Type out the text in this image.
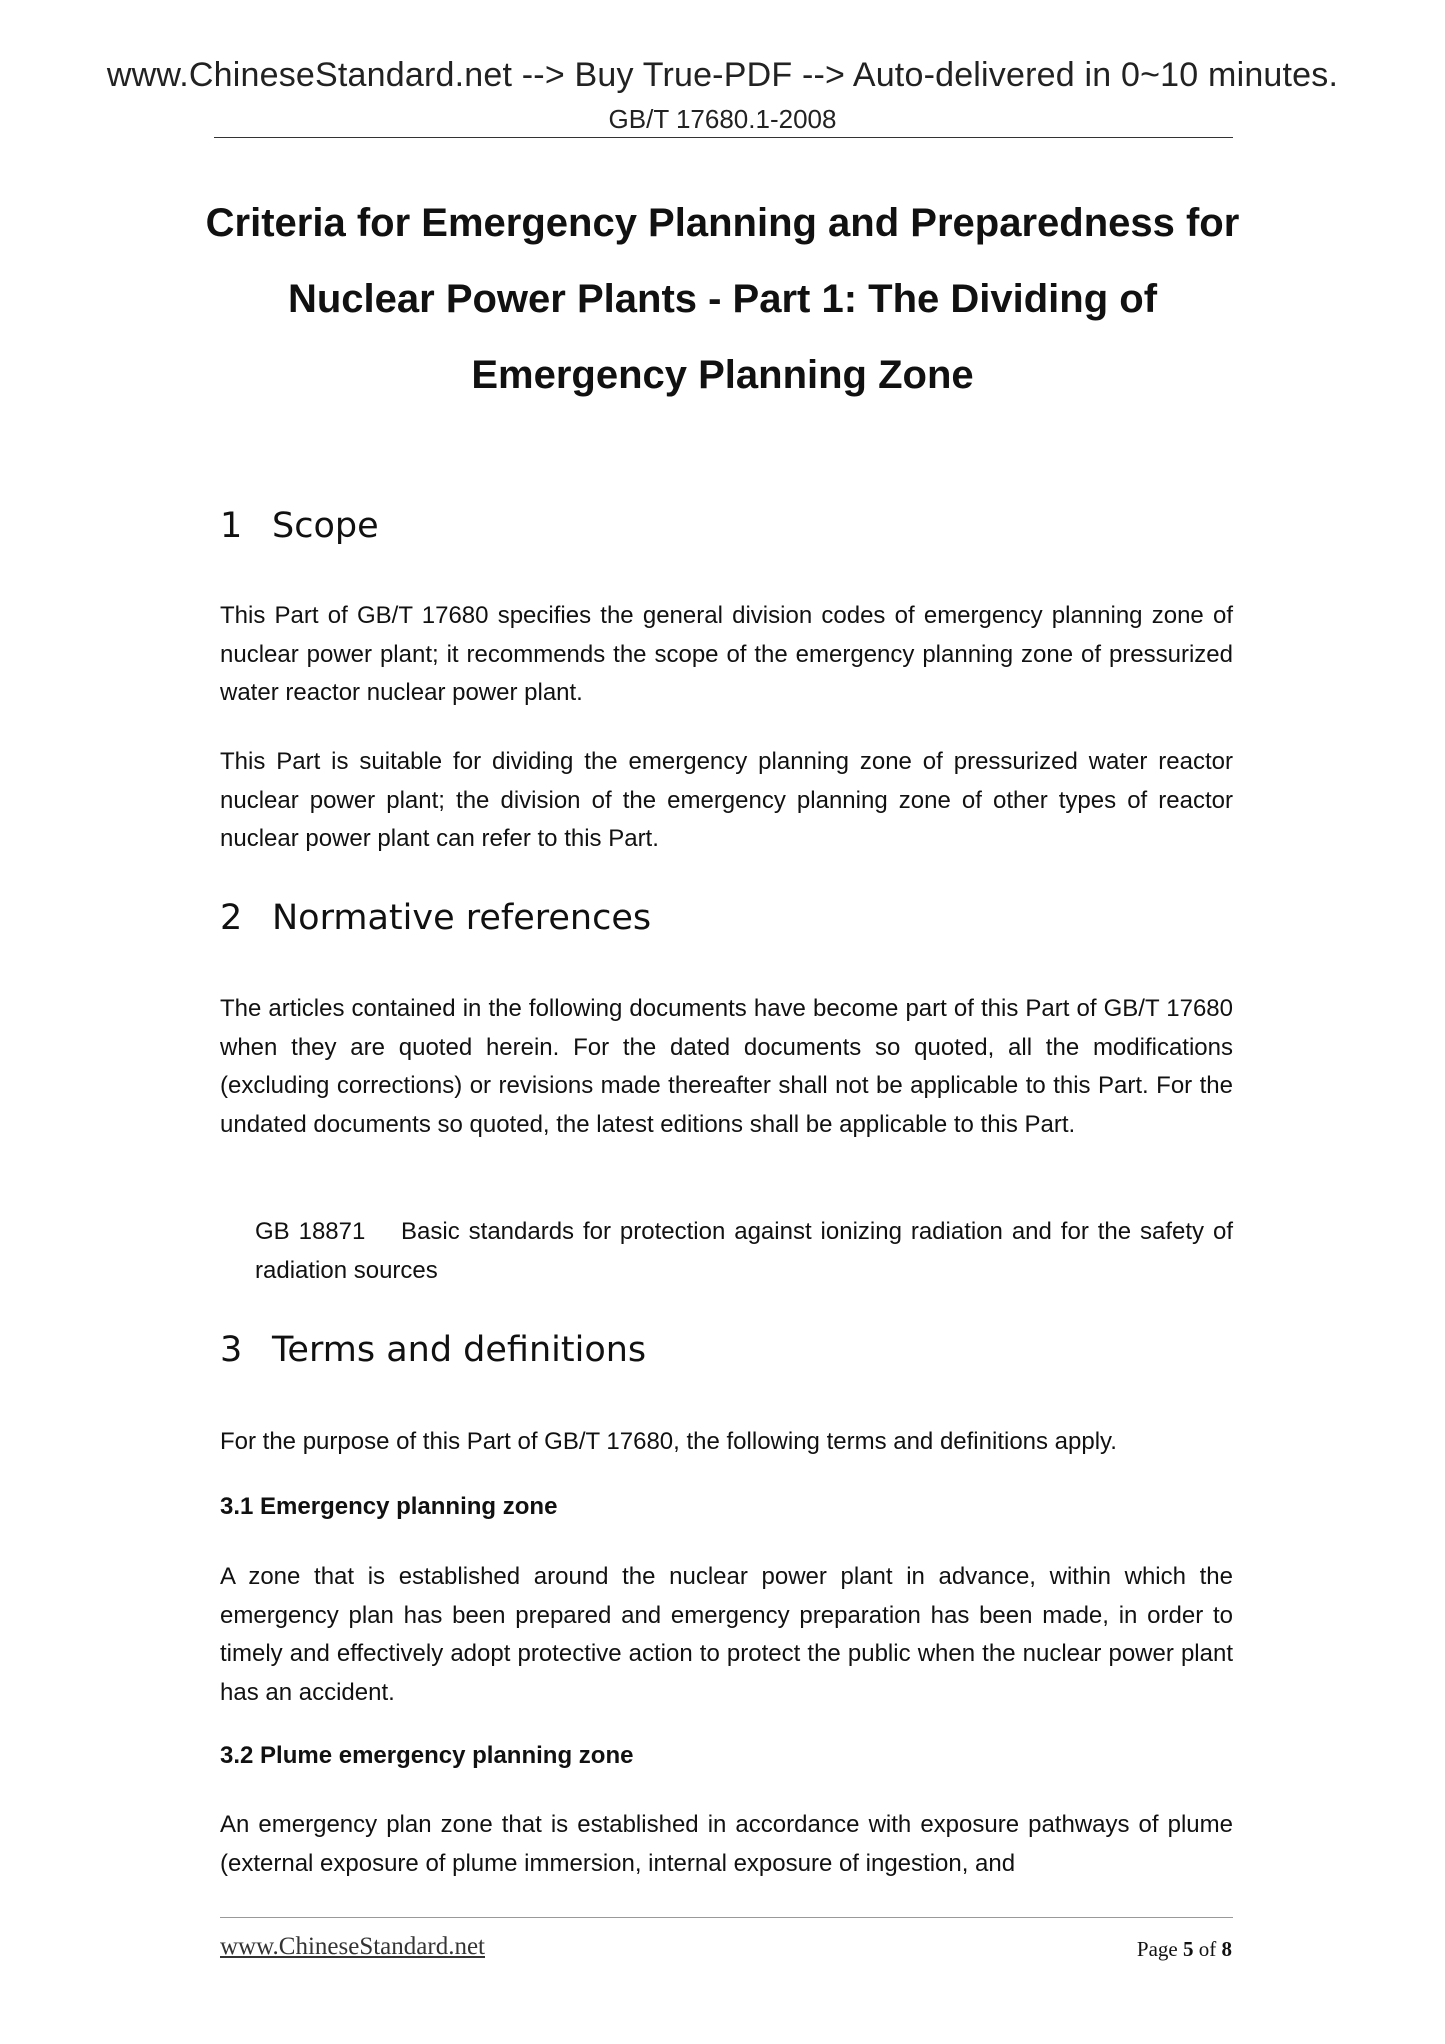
www.ChineseStandard.net --> Buy True-PDF --> Auto-delivered in 0~10 minutes.
GB/T 17680.1-2008
Criteria for Emergency Planning and Preparedness for
Nuclear Power Plants - Part 1: The Dividing of
Emergency Planning Zone
1 Scope
This Part of GB/T 17680 specifies the general division codes of emergency planning zone of nuclear power plant; it recommends the scope of the emergency planning zone of pressurized water reactor nuclear power plant.
This Part is suitable for dividing the emergency planning zone of pressurized water reactor nuclear power plant; the division of the emergency planning zone of other types of reactor nuclear power plant can refer to this Part.
2 Normative references
The articles contained in the following documents have become part of this Part of GB/T 17680 when they are quoted herein. For the dated documents so quoted, all the modifications (excluding corrections) or revisions made thereafter shall not be applicable to this Part. For the undated documents so quoted, the latest editions shall be applicable to this Part.
GB 18871    Basic standards for protection against ionizing radiation and for the safety of radiation sources
3 Terms and definitions
For the purpose of this Part of GB/T 17680, the following terms and definitions apply.
3.1 Emergency planning zone
A zone that is established around the nuclear power plant in advance, within which the emergency plan has been prepared and emergency preparation has been made, in order to timely and effectively adopt protective action to protect the public when the nuclear power plant has an accident.
3.2 Plume emergency planning zone
An emergency plan zone that is established in accordance with exposure pathways of plume (external exposure of plume immersion, internal exposure of ingestion, and
www.ChineseStandard.net	Page 5 of 8
